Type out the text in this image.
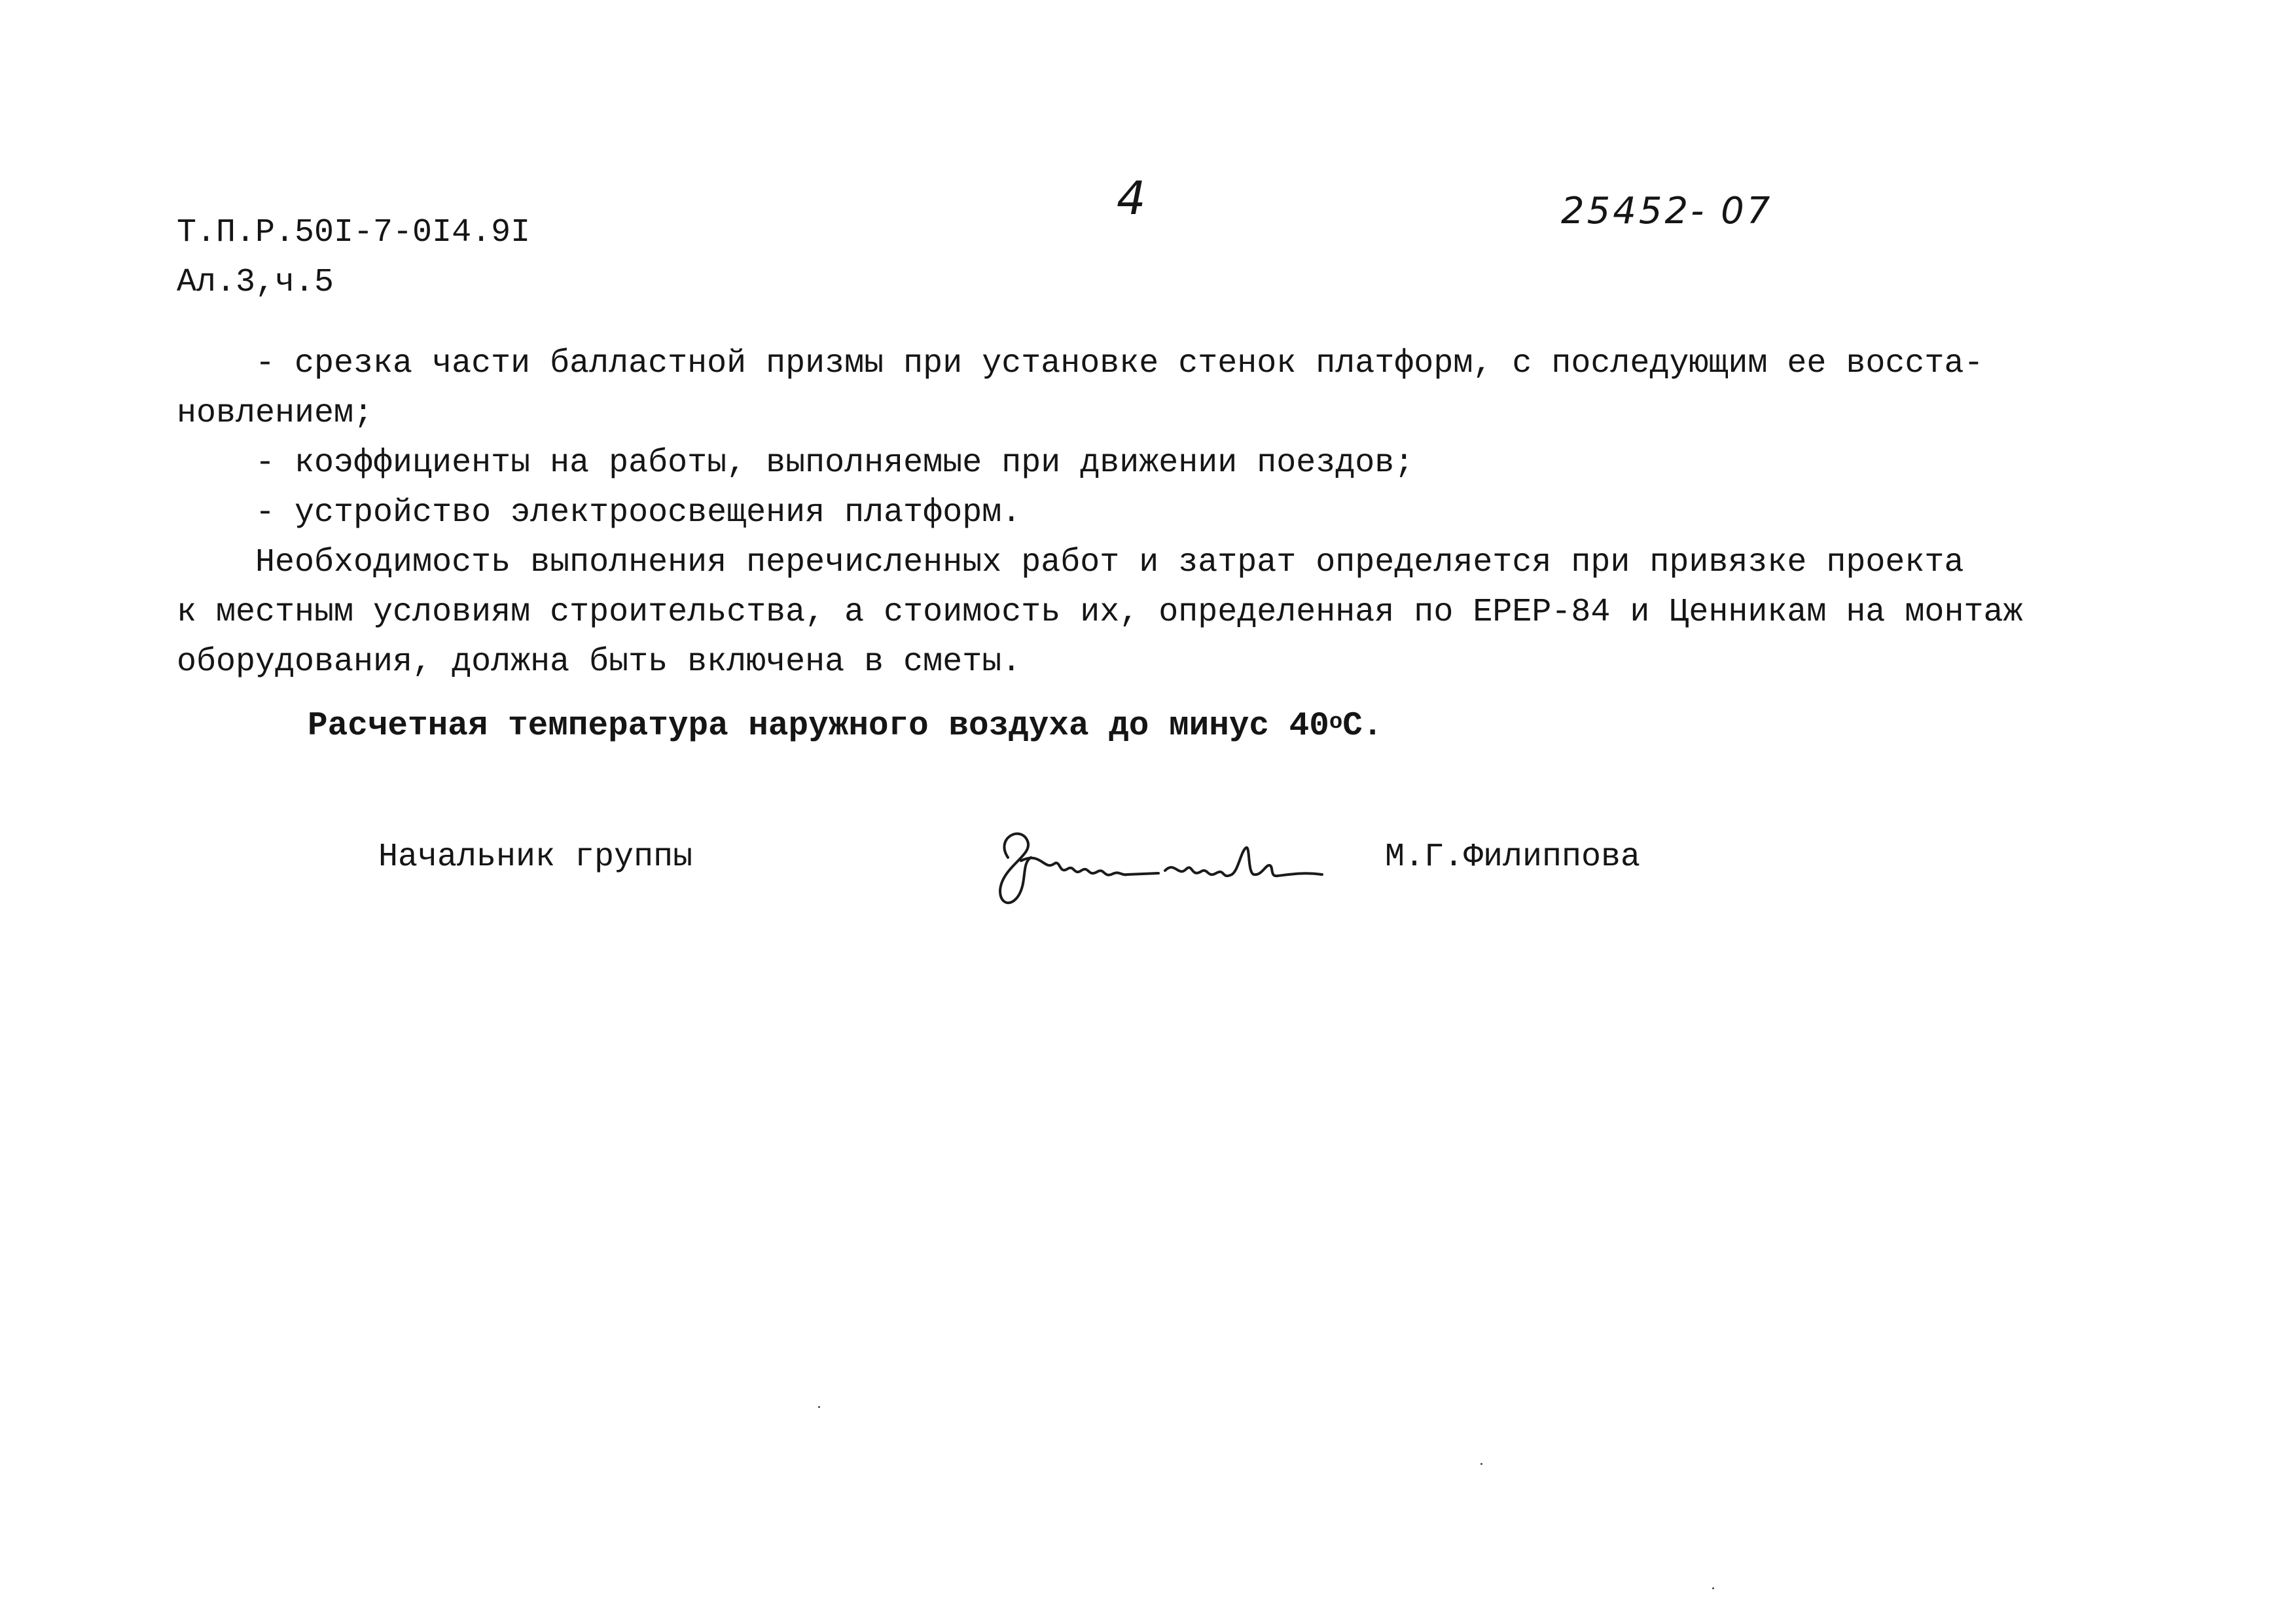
Т.П.Р.50I-7-0I4.9I
Ал.3,ч.5
4	25452- 07
- срезка части балластной призмы при установке стенок платформ, с последующим ее восста-
новлением;
- коэффициенты на работы, выполняемые при движении поездов;
- устройство электроосвещения платформ.
Необходимость выполнения перечисленных работ и затрат определяется при привязке проекта
к местным условиям строительства, а стоимость их, определенная по ЕРЕР-84 и Ценникам на монтаж
оборудования, должна быть включена в сметы.
Расчетная температура наружного воздуха до минус $40^оС$.
Начальник группы	М.Г.Филиппова
